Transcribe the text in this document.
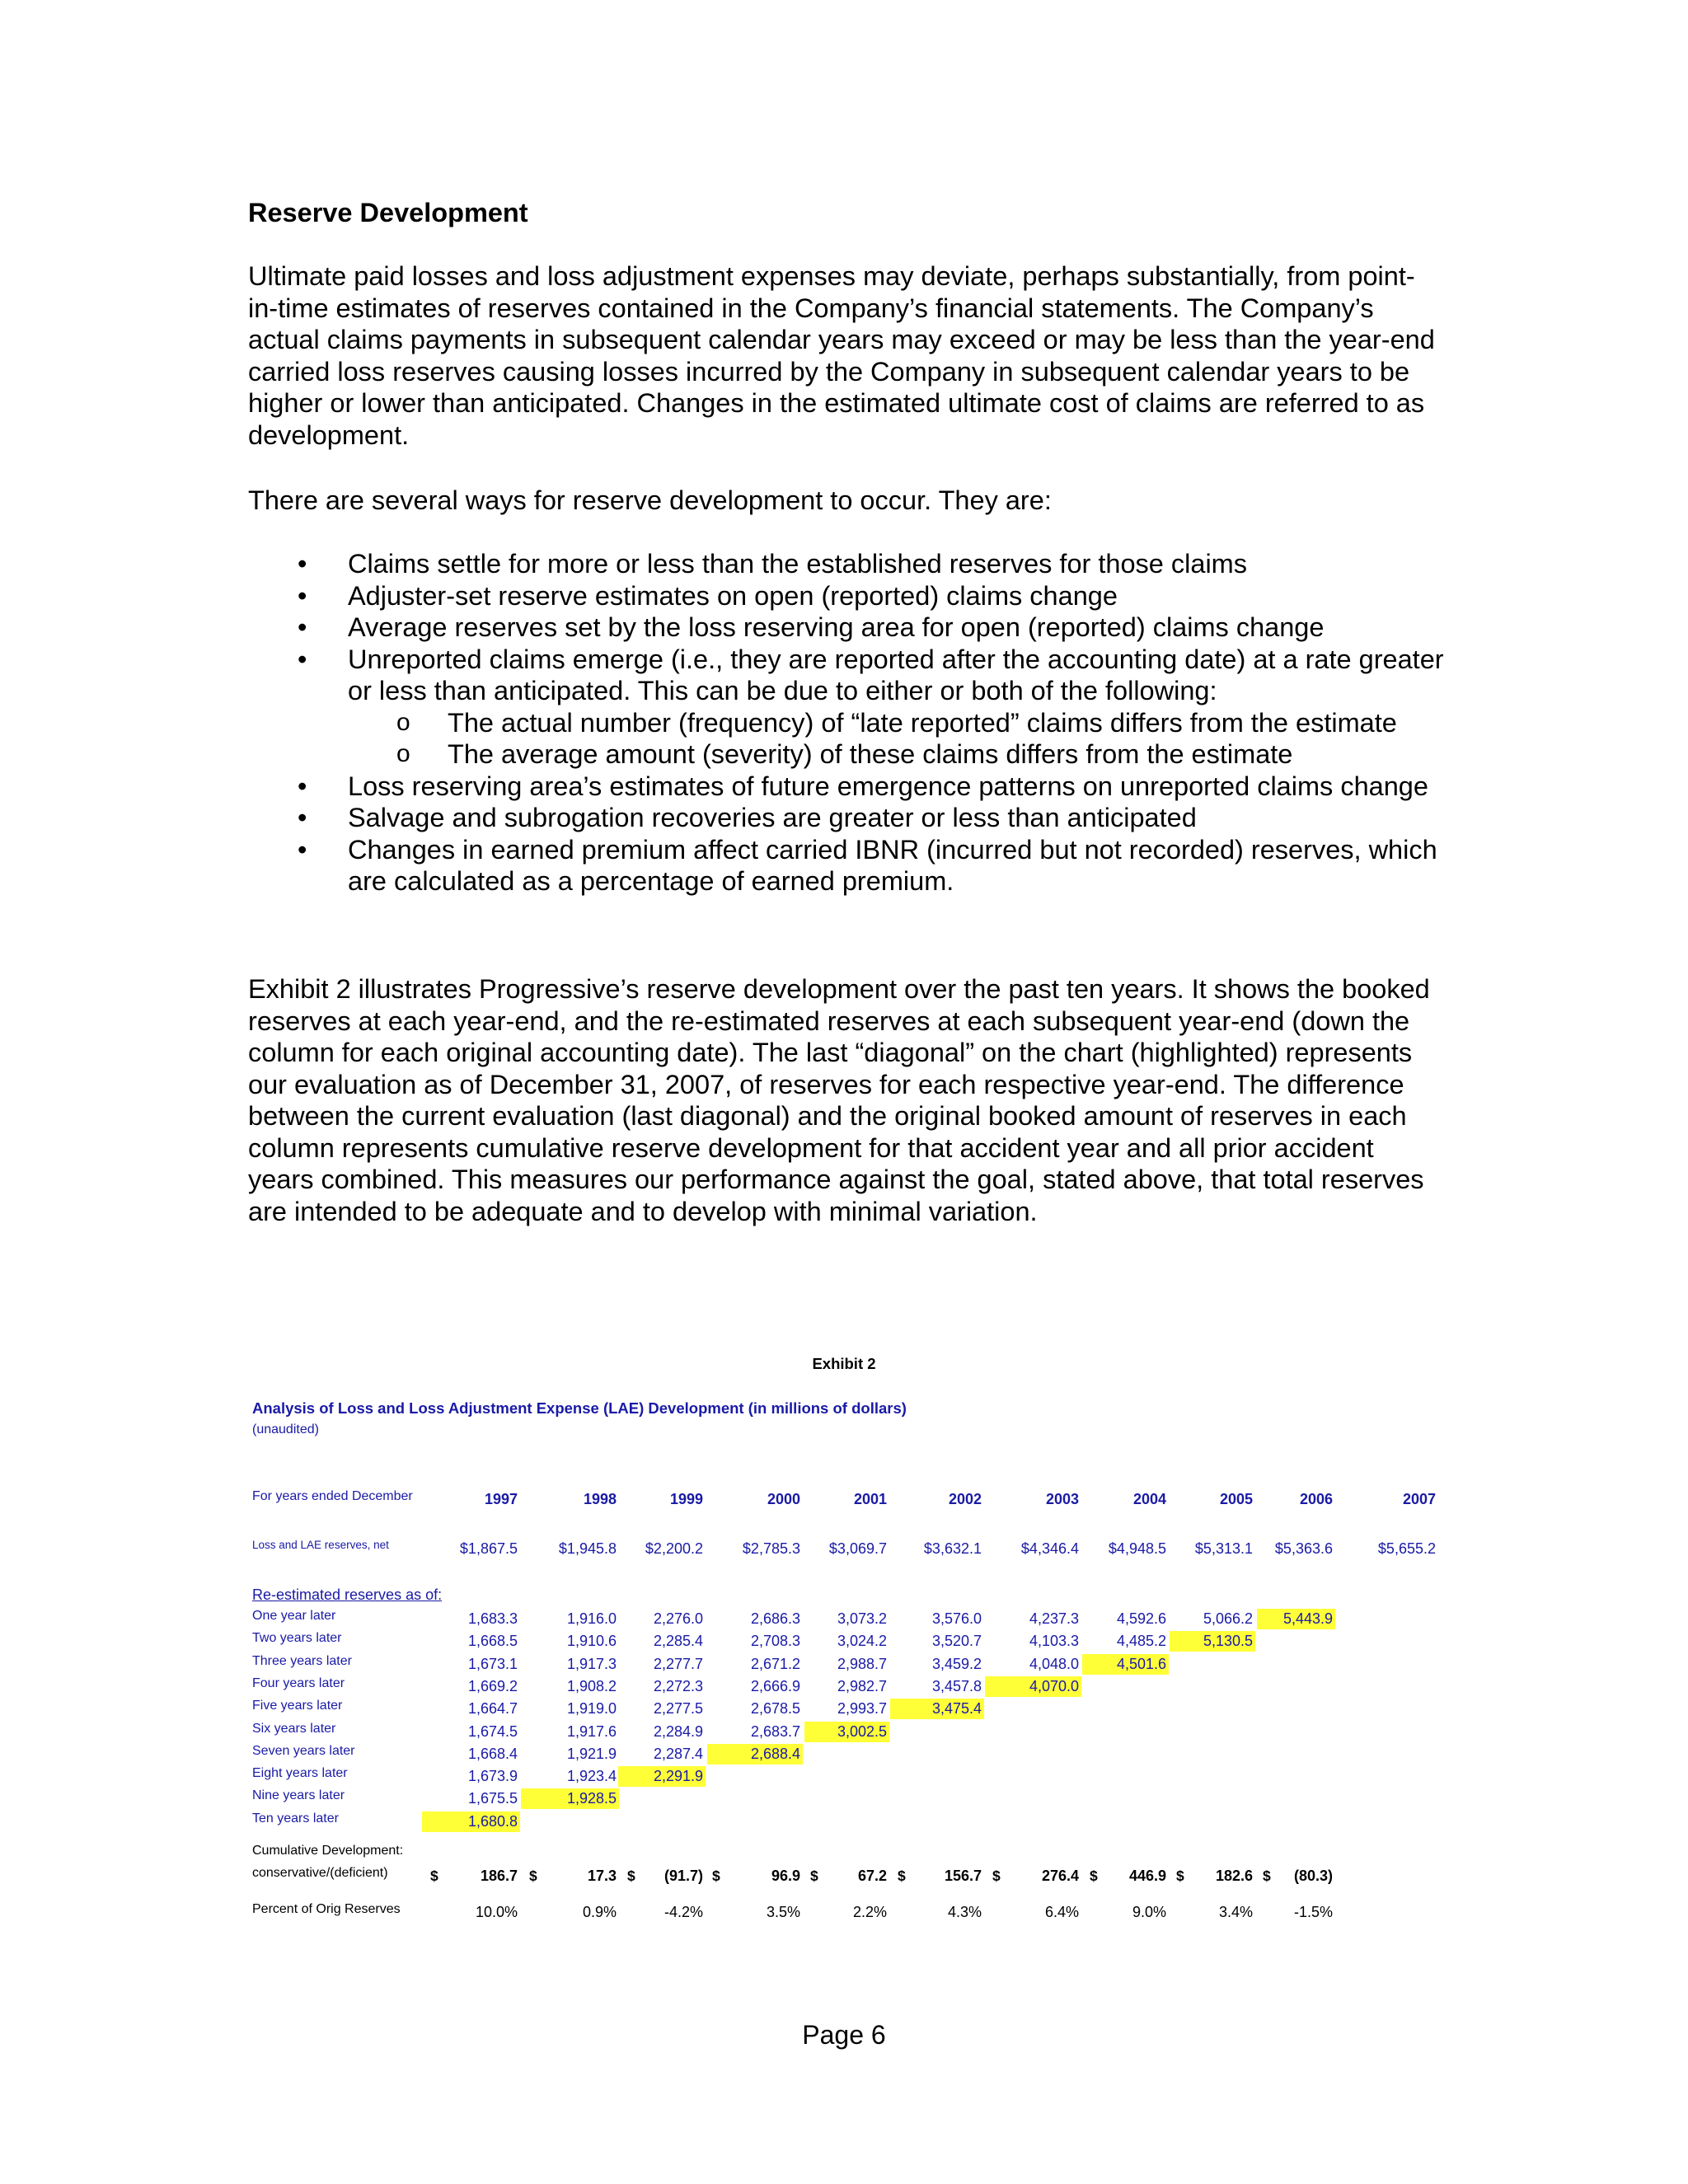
Reserve Development
Ultimate paid losses and loss adjustment expenses may deviate, perhaps substantially, from point-in-time estimates of reserves contained in the Company’s financial statements. The Company’s actual claims payments in subsequent calendar years may exceed or may be less than the year-end carried loss reserves causing losses incurred by the Company in subsequent calendar years to be higher or lower than anticipated. Changes in the estimated ultimate cost of claims are referred to as development.
There are several ways for reserve development to occur. They are:
• Claims settle for more or less than the established reserves for those claims
• Adjuster-set reserve estimates on open (reported) claims change
• Average reserves set by the loss reserving area for open (reported) claims change
• Unreported claims emerge (i.e., they are reported after the accounting date) at a rate greater or less than anticipated. This can be due to either or both of the following:
o The actual number (frequency) of “late reported” claims differs from the estimate
o The average amount (severity) of these claims differs from the estimate
• Loss reserving area’s estimates of future emergence patterns on unreported claims change
• Salvage and subrogation recoveries are greater or less than anticipated
• Changes in earned premium affect carried IBNR (incurred but not recorded) reserves, which are calculated as a percentage of earned premium.
Exhibit 2 illustrates Progressive’s reserve development over the past ten years. It shows the booked reserves at each year-end, and the re-estimated reserves at each subsequent year-end (down the column for each original accounting date). The last “diagonal” on the chart (highlighted) represents our evaluation as of December 31, 2007, of reserves for each respective year-end. The difference between the current evaluation (last diagonal) and the original booked amount of reserves in each column represents cumulative reserve development for that accident year and all prior accident years combined. This measures our performance against the goal, stated above, that total reserves are intended to be adequate and to develop with minimal variation.
Exhibit 2
Analysis of Loss and Loss Adjustment Expense (LAE) Development (in millions of dollars)
(unaudited)
For years ended December	1997	1998	1999	2000	2001	2002	2003	2004	2005	2006	2007
Loss and LAE reserves, net	$1,867.5	$1,945.8	$2,200.2	$2,785.3	$3,069.7	$3,632.1	$4,346.4	$4,948.5	$5,313.1	$5,363.6	$5,655.2
Re-estimated reserves as of:
One year later	1,683.3	1,916.0	2,276.0	2,686.3	3,073.2	3,576.0	4,237.3	4,592.6	5,066.2	5,443.9
Two years later	1,668.5	1,910.6	2,285.4	2,708.3	3,024.2	3,520.7	4,103.3	4,485.2	5,130.5
Three years later	1,673.1	1,917.3	2,277.7	2,671.2	2,988.7	3,459.2	4,048.0	4,501.6
Four years later	1,669.2	1,908.2	2,272.3	2,666.9	2,982.7	3,457.8	4,070.0
Five years later	1,664.7	1,919.0	2,277.5	2,678.5	2,993.7	3,475.4
Six years later	1,674.5	1,917.6	2,284.9	2,683.7	3,002.5
Seven years later	1,668.4	1,921.9	2,287.4	2,688.4
Eight years later	1,673.9	1,923.4	2,291.9
Nine years later	1,675.5	1,928.5
Ten years later	1,680.8
Cumulative Development:
conservative/(deficient)	$	186.7 $	17.3 $	(91.7) $	96.9 $	67.2 $	156.7 $	276.4 $	446.9 $	182.6 $	(80.3)
Percent of Orig Reserves	10.0%	0.9%	-4.2%	3.5%	2.2%	4.3%	6.4%	9.0%	3.4%	-1.5%
Page 6
